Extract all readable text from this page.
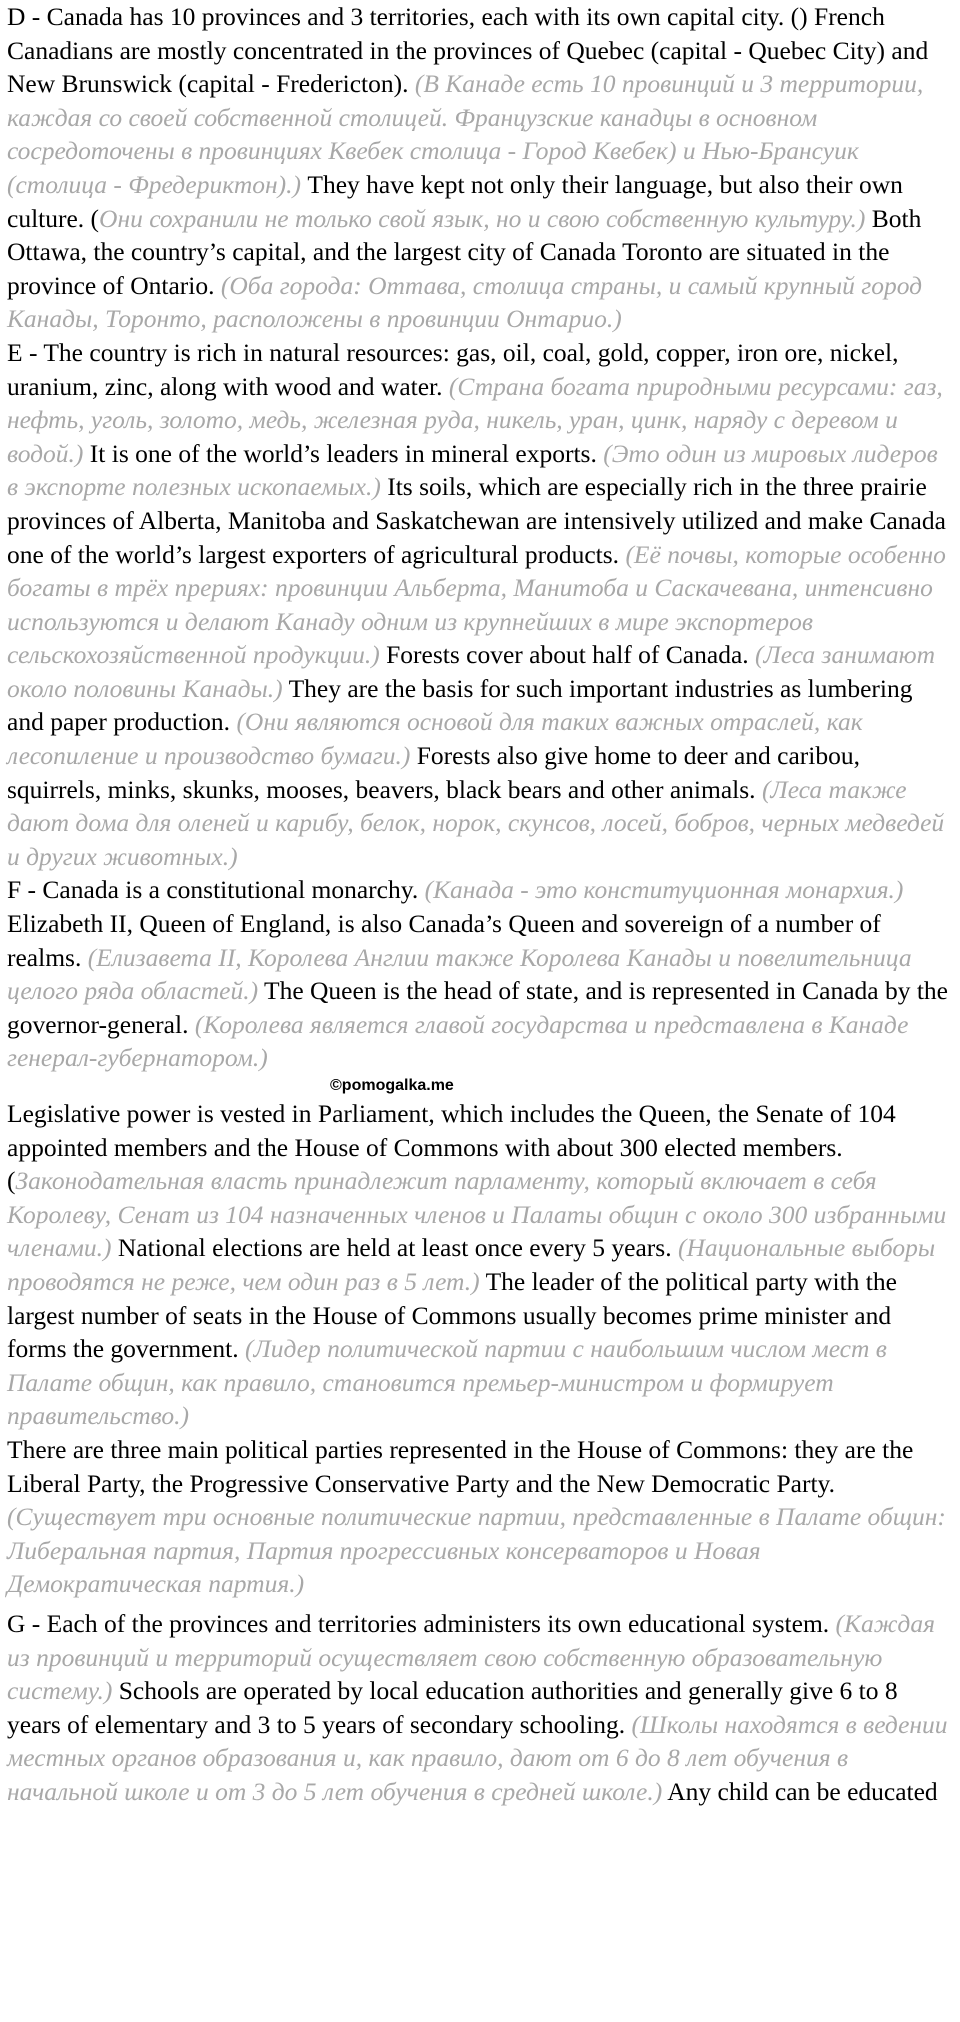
D - Canada has 10 provinces and 3 territories, each with its own capital city. () French Canadians are mostly concentrated in the provinces of Quebec (capital - Quebec City) and New Brunswick (capital - Fredericton). (В Канаде есть 10 провинций и 3 территории, каждая со своей собственной столицей. Французские канадцы в основном сосредоточены в провинциях Квебек столица - Город Квебек) и Нью-Брансуик (столица - Фредериктон).) They have kept not only their language, but also their own culture. (Они сохранили не только свой язык, но и свою собственную культуру.) Both Ottawa, the country’s capital, and the largest city of Canada Toronto are situated in the province of Ontario. (Оба города: Оттава, столица страны, и самый крупный город Канады, Торонто, расположены в провинции Онтарио.)

E - The country is rich in natural resources: gas, oil, coal, gold, copper, iron ore, nickel, uranium, zinc, along with wood and water. (Страна богата природными ресурсами: газ, нефть, уголь, золото, медь, железная руда, никель, уран, цинк, наряду с деревом и водой.) It is one of the world’s leaders in mineral exports. (Это один из мировых лидеров в экспорте полезных ископаемых.) Its soils, which are especially rich in the three prairie provinces of Alberta, Manitoba and Saskatchewan are intensively utilized and make Canada one of the world’s largest exporters of agricultural products. (Её почвы, которые особенно богаты в трёх прериях: провинции Альберта, Манитоба и Саскачевана, интенсивно используются и делают Канаду одним из крупнейших в мире экспортеров сельскохозяйственной продукции.) Forests cover about half of Canada. (Леса занимают около половины Канады.) They are the basis for such important industries as lumbering and paper production. (Они являются основой для таких важных отраслей, как лесопиление и производство бумаги.) Forests also give home to deer and caribou, squirrels, minks, skunks, mooses, beavers, black bears and other animals. (Леса также дают дома для оленей и карибу, белок, норок, скунсов, лосей, бобров, черных медведей и других животных.)

F - Canada is a constitutional monarchy. (Канада - это конституционная монархия.) Elizabeth II, Queen of England, is also Canada’s Queen and sovereign of a number of realms. (Елизавета II, Королева Англии также Королева Канады и повелительница целого ряда областей.) The Queen is the head of state, and is represented in Canada by the governor-general. (Королева является главой государства и представлена в Канаде генерал-губернатором.)

©pomogalka.me

Legislative power is vested in Parliament, which includes the Queen, the Senate of 104 appointed members and the House of Commons with about 300 elected members. (Законодательная власть принадлежит парламенту, который включает в себя Королеву, Сенат из 104 назначенных членов и Палаты общин с около 300 избранными членами.) National elections are held at least once every 5 years. (Национальные выборы проводятся не реже, чем один раз в 5 лет.) The leader of the political party with the largest number of seats in the House of Commons usually becomes prime minister and forms the government. (Лидер политической партии с наибольшим числом мест в Палате общин, как правило, становится премьер-министром и формирует правительство.)

There are three main political parties represented in the House of Commons: they are the Liberal Party, the Progressive Conservative Party and the New Democratic Party. (Существует три основные политические партии, представленные в Палате общин: Либеральная партия, Партия прогрессивных консерваторов и Новая Демократическая партия.)

G - Each of the provinces and territories administers its own educational system. (Каждая из провинций и территорий осуществляет свою собственную образовательную систему.) Schools are operated by local education authorities and generally give 6 to 8 years of elementary and 3 to 5 years of secondary schooling. (Школы находятся в ведении местных органов образования и, как правило, дают от 6 до 8 лет обучения в начальной школе и от 3 до 5 лет обучения в средней школе.) Any child can be educated
